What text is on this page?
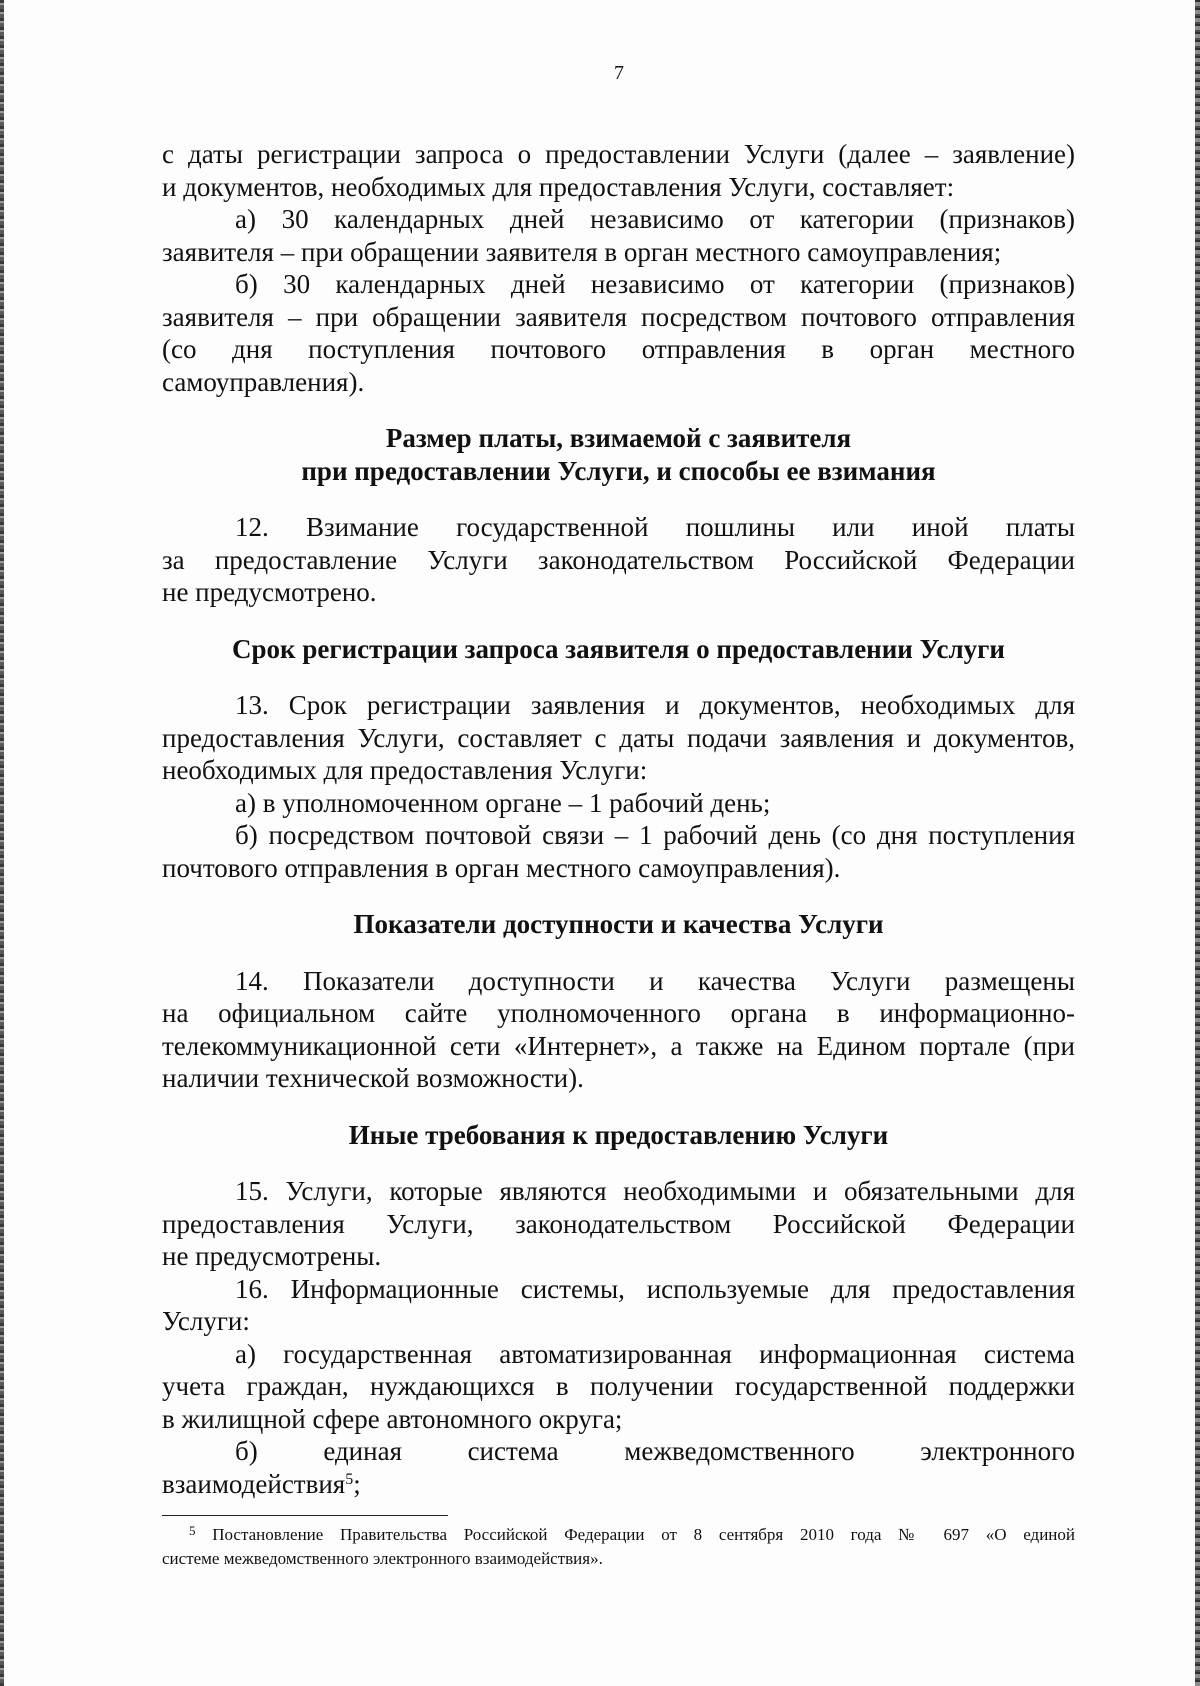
7

с даты регистрации запроса о предоставлении Услуги (далее – заявление)

и документов, необходимых для предоставления Услуги, составляет:

а) 30 календарных дней независимо от категории (признаков)

заявителя – при обращении заявителя в орган местного самоуправления;

б) 30 календарных дней независимо от категории (признаков)

заявителя – при обращении заявителя посредством почтового отправления

(со дня поступления почтового отправления в орган местного

самоуправления).

Размер платы, взимаемой с заявителя

при предоставлении Услуги, и способы ее взимания

12. Взимание государственной пошлины или иной платы

за предоставление Услуги законодательством Российской Федерации

не предусмотрено.

Срок регистрации запроса заявителя о предоставлении Услуги

13. Срок регистрации заявления и документов, необходимых для

предоставления Услуги, составляет с даты подачи заявления и документов,

необходимых для предоставления Услуги:

а) в уполномоченном органе – 1 рабочий день;

б) посредством почтовой связи – 1 рабочий день (со дня поступления

почтового отправления в орган местного самоуправления).

Показатели доступности и качества Услуги

14. Показатели доступности и качества Услуги размещены

на официальном сайте уполномоченного органа в информационно-

телекоммуникационной сети «Интернет», а также на Едином портале (при

наличии технической возможности).

Иные требования к предоставлению Услуги

15. Услуги, которые являются необходимыми и обязательными для

предоставления Услуги, законодательством Российской Федерации

не предусмотрены.

16. Информационные системы, используемые для предоставления

Услуги:

а) государственная автоматизированная информационная система

учета граждан, нуждающихся в получении государственной поддержки

в жилищной сфере автономного округа;

б) единая система межведомственного электронного

взаимодействия$^5$;

$^5$ Постановление Правительства Российской Федерации от 8 сентября 2010 года № 697 «О единой

системе межведомственного электронного взаимодействия».
